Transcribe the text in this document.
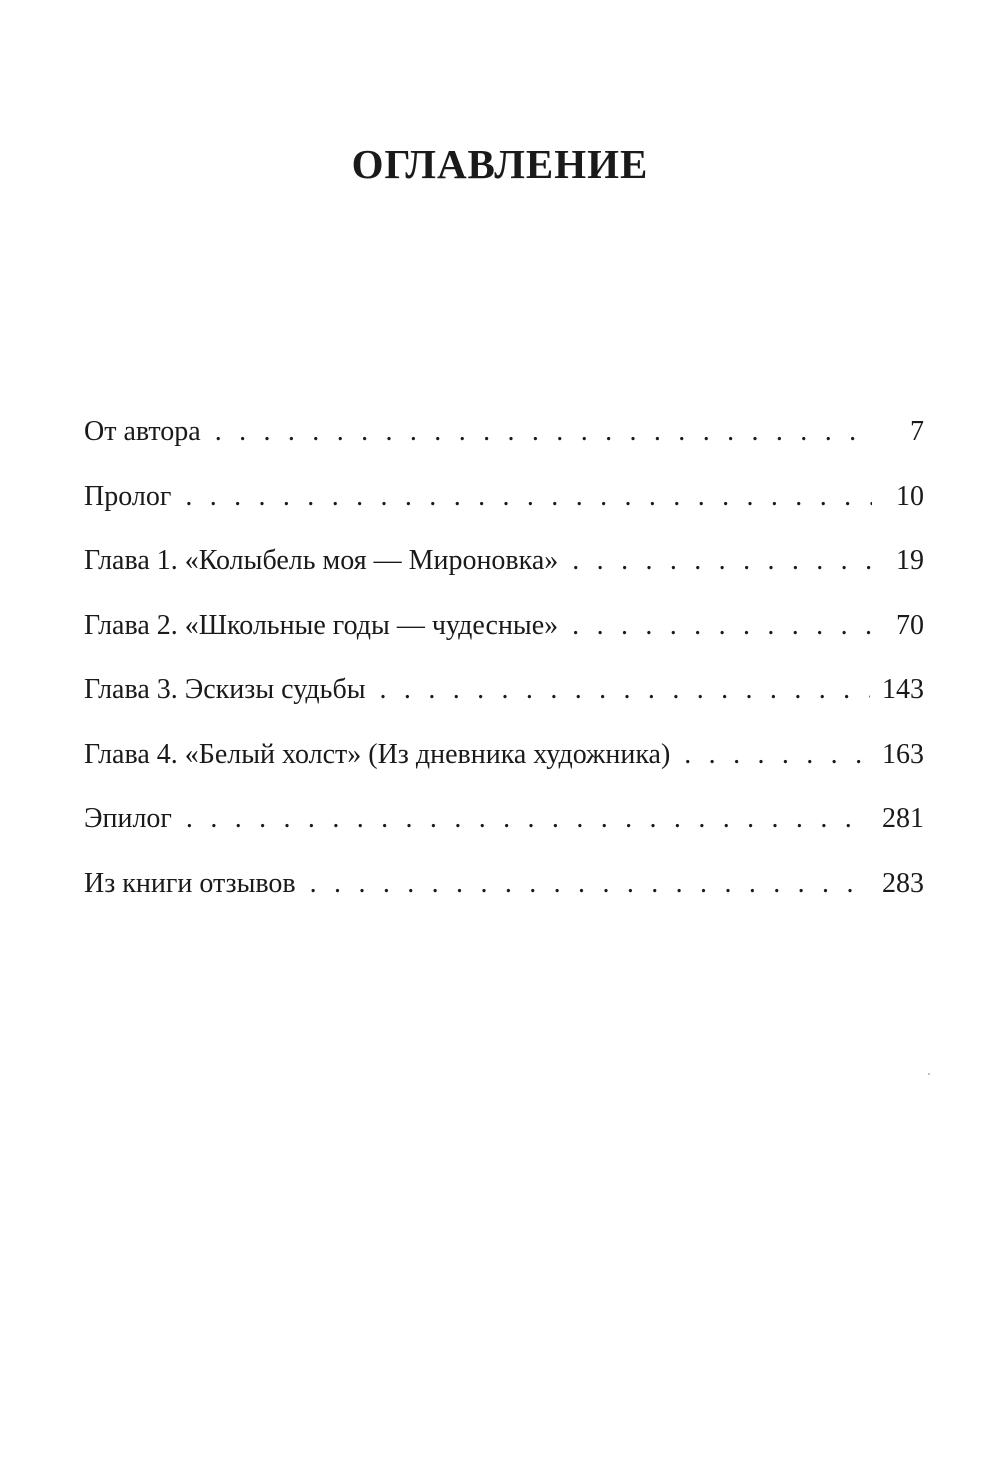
ОГЛАВЛЕНИЕ
От автора . . .	7
Пролог . . .	10
Глава 1. «Колыбель моя — Мироновка» . . .	19
Глава 2. «Школьные годы — чудесные» . . .	70
Глава 3. Эскизы судьбы . . .	143
Глава 4. «Белый холст» (Из дневника художника) . . .	163
Эпилог . . .	281
Из книги отзывов . . .	283
